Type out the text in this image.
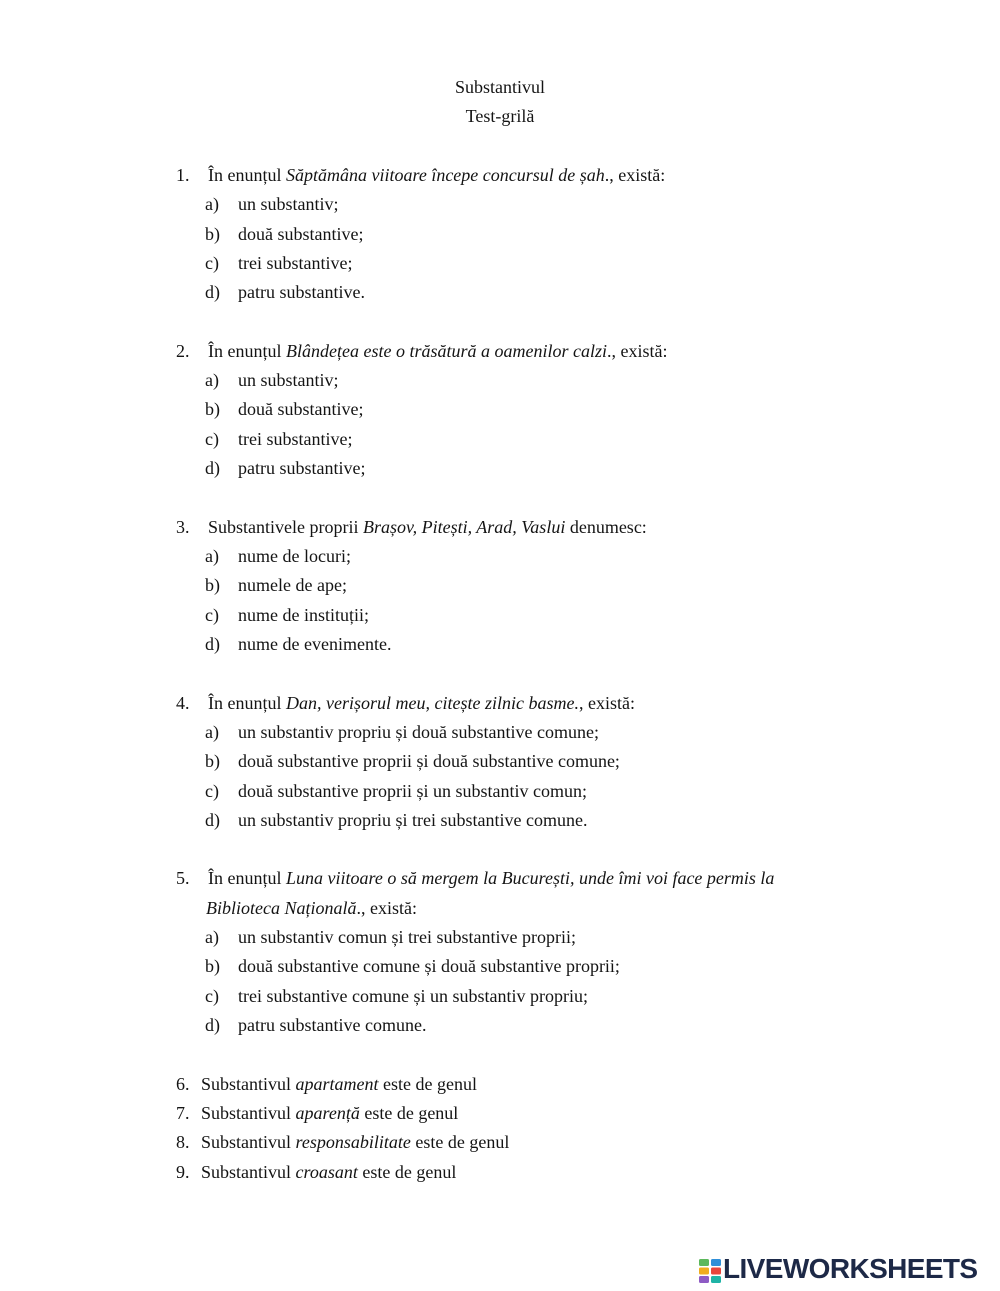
Substantivul
Test-grilă
1. În enunțul Săptămâna viitoare începe concursul de șah., există:
a) un substantiv;
b) două substantive;
c) trei substantive;
d) patru substantive.
2. În enunțul Blândețea este o trăsătură a oamenilor calzi., există:
a) un substantiv;
b) două substantive;
c) trei substantive;
d) patru substantive;
3. Substantivele proprii Brașov, Pitești, Arad, Vaslui denumesc:
a) nume de locuri;
b) numele de ape;
c) nume de instituții;
d) nume de evenimente.
4. În enunțul Dan, verișorul meu, citește zilnic basme., există:
a) un substantiv propriu și două substantive comune;
b) două substantive proprii și două substantive comune;
c) două substantive proprii și un substantiv comun;
d) un substantiv propriu și trei substantive comune.
5. În enunțul Luna viitoare o să mergem la București, unde îmi voi face permis la
Biblioteca Națională., există:
a) un substantiv comun și trei substantive proprii;
b) două substantive comune și două substantive proprii;
c) trei substantive comune și un substantiv propriu;
d) patru substantive comune.
6. Substantivul apartament este de genul
7. Substantivul aparență este de genul
8. Substantivul responsabilitate este de genul
9. Substantivul croasant este de genul
LIVEWORKSHEETS
